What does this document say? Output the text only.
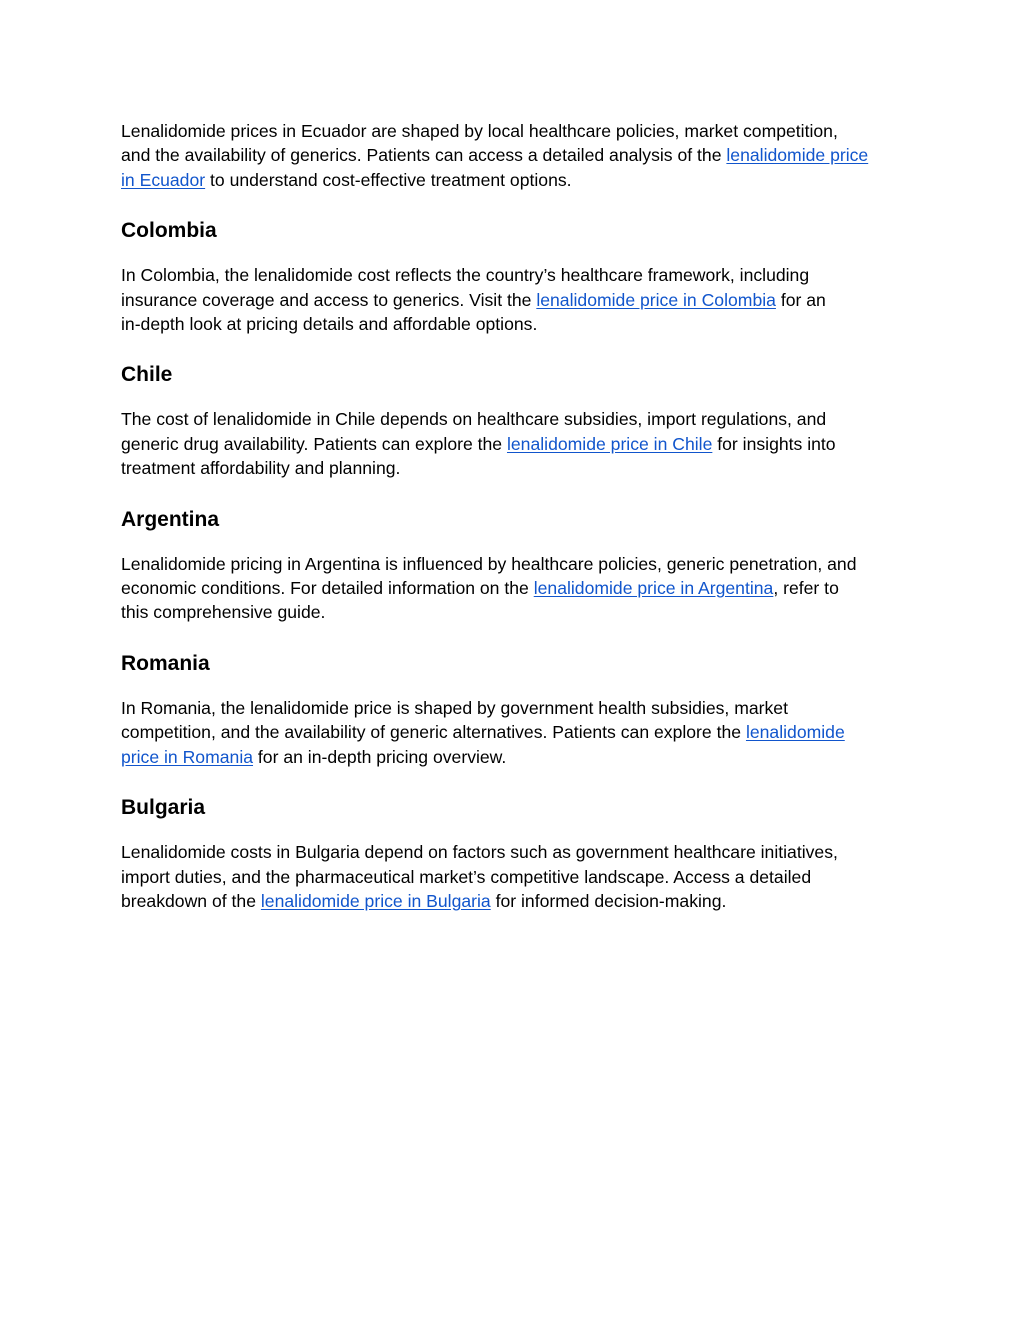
Lenalidomide prices in Ecuador are shaped by local healthcare policies, market competition,
and the availability of generics. Patients can access a detailed analysis of the lenalidomide price
in Ecuador to understand cost-effective treatment options.

Colombia

In Colombia, the lenalidomide cost reflects the country’s healthcare framework, including
insurance coverage and access to generics. Visit the lenalidomide price in Colombia for an
in-depth look at pricing details and affordable options.

Chile

The cost of lenalidomide in Chile depends on healthcare subsidies, import regulations, and
generic drug availability. Patients can explore the lenalidomide price in Chile for insights into
treatment affordability and planning.

Argentina

Lenalidomide pricing in Argentina is influenced by healthcare policies, generic penetration, and
economic conditions. For detailed information on the lenalidomide price in Argentina, refer to
this comprehensive guide.

Romania

In Romania, the lenalidomide price is shaped by government health subsidies, market
competition, and the availability of generic alternatives. Patients can explore the lenalidomide
price in Romania for an in-depth pricing overview.

Bulgaria

Lenalidomide costs in Bulgaria depend on factors such as government healthcare initiatives,
import duties, and the pharmaceutical market’s competitive landscape. Access a detailed
breakdown of the lenalidomide price in Bulgaria for informed decision-making.
